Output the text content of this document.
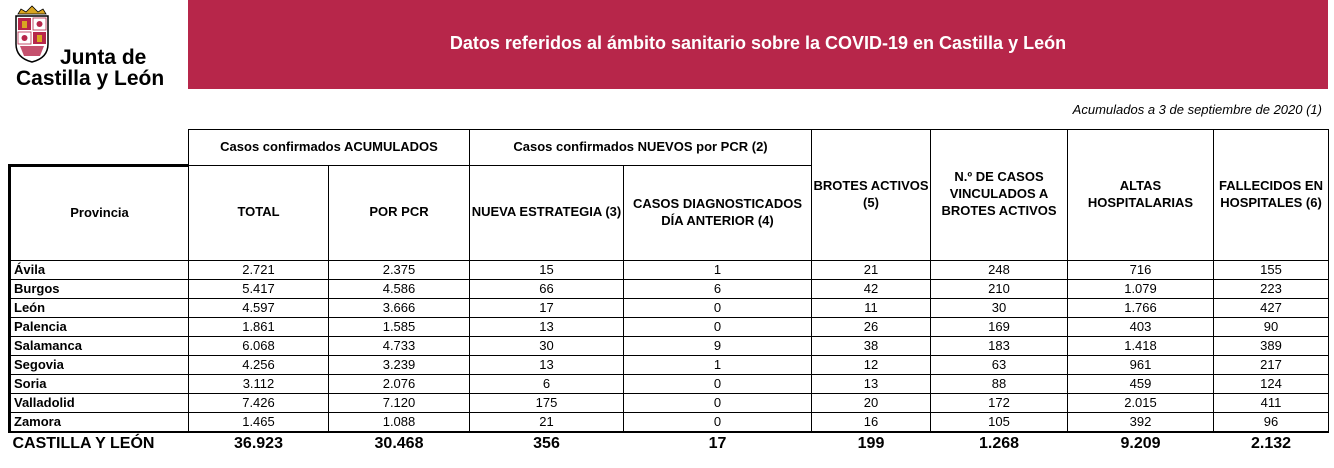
Junta de
Castilla y León
Datos referidos al ámbito sanitario sobre la COVID-19 en Castilla y León
Acumulados a 3 de septiembre de 2020 (1)
	Casos confirmados ACUMULADOS		Casos confirmados NUEVOS por PCR (2)		BROTES ACTIVOS (5)	N.º DE CASOS VINCULADOS A BROTES ACTIVOS	ALTAS HOSPITALARIAS	FALLECIDOS EN HOSPITALES (6)
Provincia	TOTAL	POR PCR	NUEVA ESTRATEGIA (3)	CASOS DIAGNOSTICADOS DÍA ANTERIOR (4)				
Ávila	2.721	2.375	15	1	21	248	716	155
Burgos	5.417	4.586	66	6	42	210	1.079	223
León	4.597	3.666	17	0	11	30	1.766	427
Palencia	1.861	1.585	13	0	26	169	403	90
Salamanca	6.068	4.733	30	9	38	183	1.418	389
Segovia	4.256	3.239	13	1	12	63	961	217
Soria	3.112	2.076	6	0	13	88	459	124
Valladolid	7.426	7.120	175	0	20	172	2.015	411
Zamora	1.465	1.088	21	0	16	105	392	96
CASTILLA Y LEÓN	36.923	30.468	356	17	199	1.268	9.209	2.132
